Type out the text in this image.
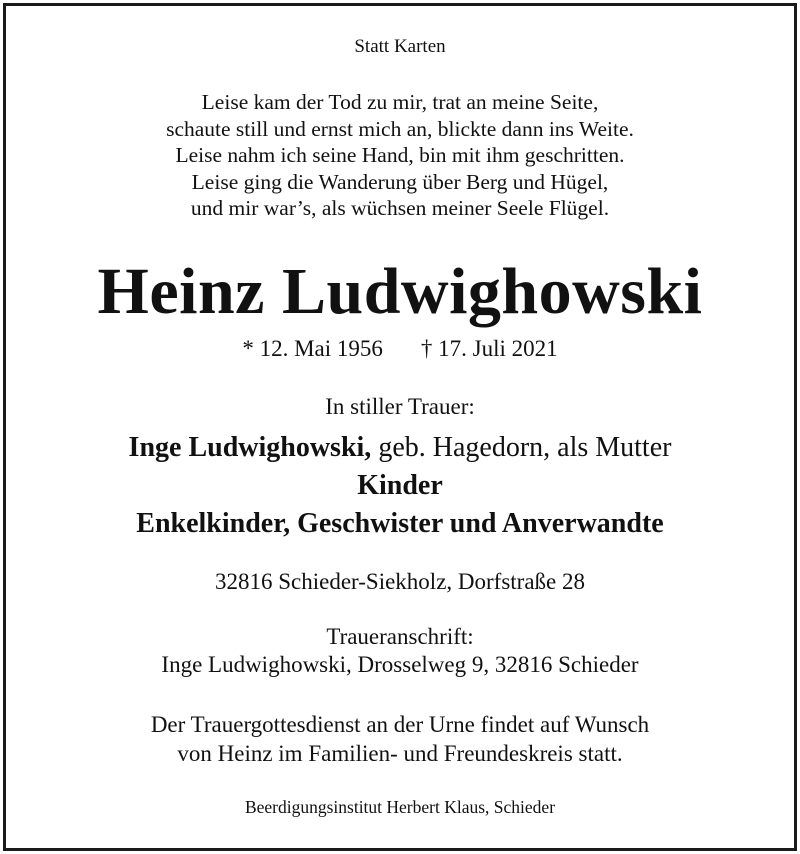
Statt Karten
Leise kam der Tod zu mir, trat an meine Seite,
schaute still und ernst mich an, blickte dann ins Weite.
Leise nahm ich seine Hand, bin mit ihm geschritten.
Leise ging die Wanderung über Berg und Hügel,
und mir war’s, als wüchsen meiner Seele Flügel.
Heinz Ludwighowski
* 12. Mai 1956 † 17. Juli 2021
In stiller Trauer:
Inge Ludwighowski, geb. Hagedorn, als Mutter
Kinder
Enkelkinder, Geschwister und Anverwandte
32816 Schieder-Siekholz, Dorfstraße 28
Traueranschrift:
Inge Ludwighowski, Drosselweg 9, 32816 Schieder
Der Trauergottesdienst an der Urne findet auf Wunsch
von Heinz im Familien- und Freundeskreis statt.
Beerdigungsinstitut Herbert Klaus, Schieder
